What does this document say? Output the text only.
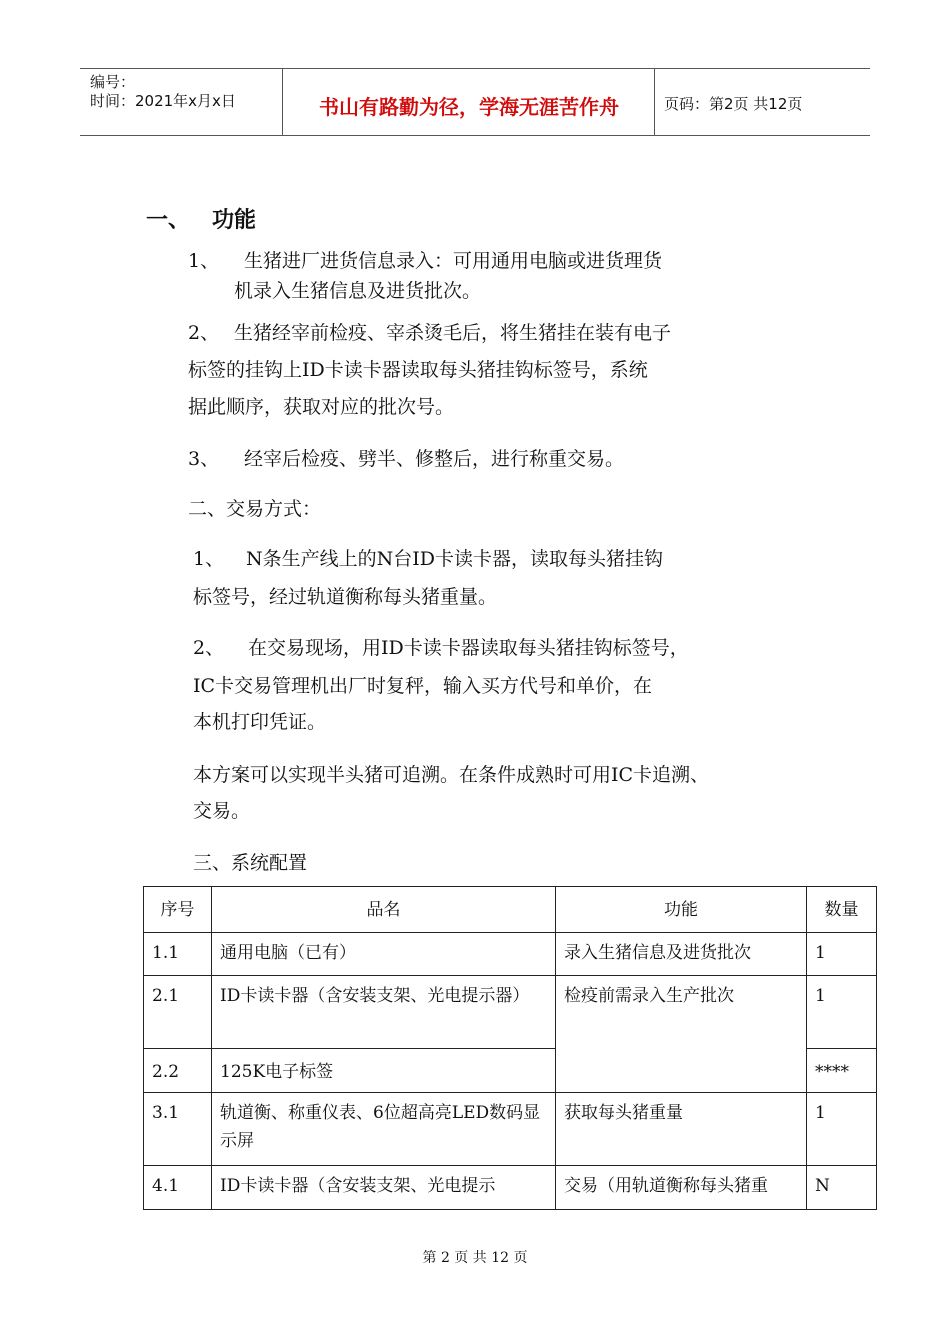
编号：
时间：2021年x月x日	书山有路勤为径，学海无涯苦作舟	页码：第2页 共12页
一、 功能
1、 生猪进厂进货信息录入：可用通用电脑或进货理货
机录入生猪信息及进货批次。
2、 生猪经宰前检疫、宰杀烫毛后，将生猪挂在装有电子
标签的挂钩上ID卡读卡器读取每头猪挂钩标签号，系统
据此顺序，获取对应的批次号。
3、 经宰后检疫、劈半、修整后，进行称重交易。
二、交易方式：
1、 N条生产线上的N台ID卡读卡器，读取每头猪挂钩
标签号，经过轨道衡称每头猪重量。
2、 在交易现场，用ID卡读卡器读取每头猪挂钩标签号，
IC卡交易管理机出厂时复秤，输入买方代号和单价，在
本机打印凭证。
本方案可以实现半头猪可追溯。在条件成熟时可用IC卡追溯、
交易。
三、系统配置
序号	品名	功能	数量
1.1	通用电脑（已有）	录入生猪信息及进货批次	1
2.1	ID卡读卡器（含安装支架、光电提示器）	检疫前需录入生产批次	1
2.2	125K电子标签		****
3.1	轨道衡、称重仪表、6位超高亮LED数码显示屏	获取每头猪重量	1
4.1	ID卡读卡器（含安装支架、光电提示	交易（用轨道衡称每头猪重	N
第 2 页 共 12 页
